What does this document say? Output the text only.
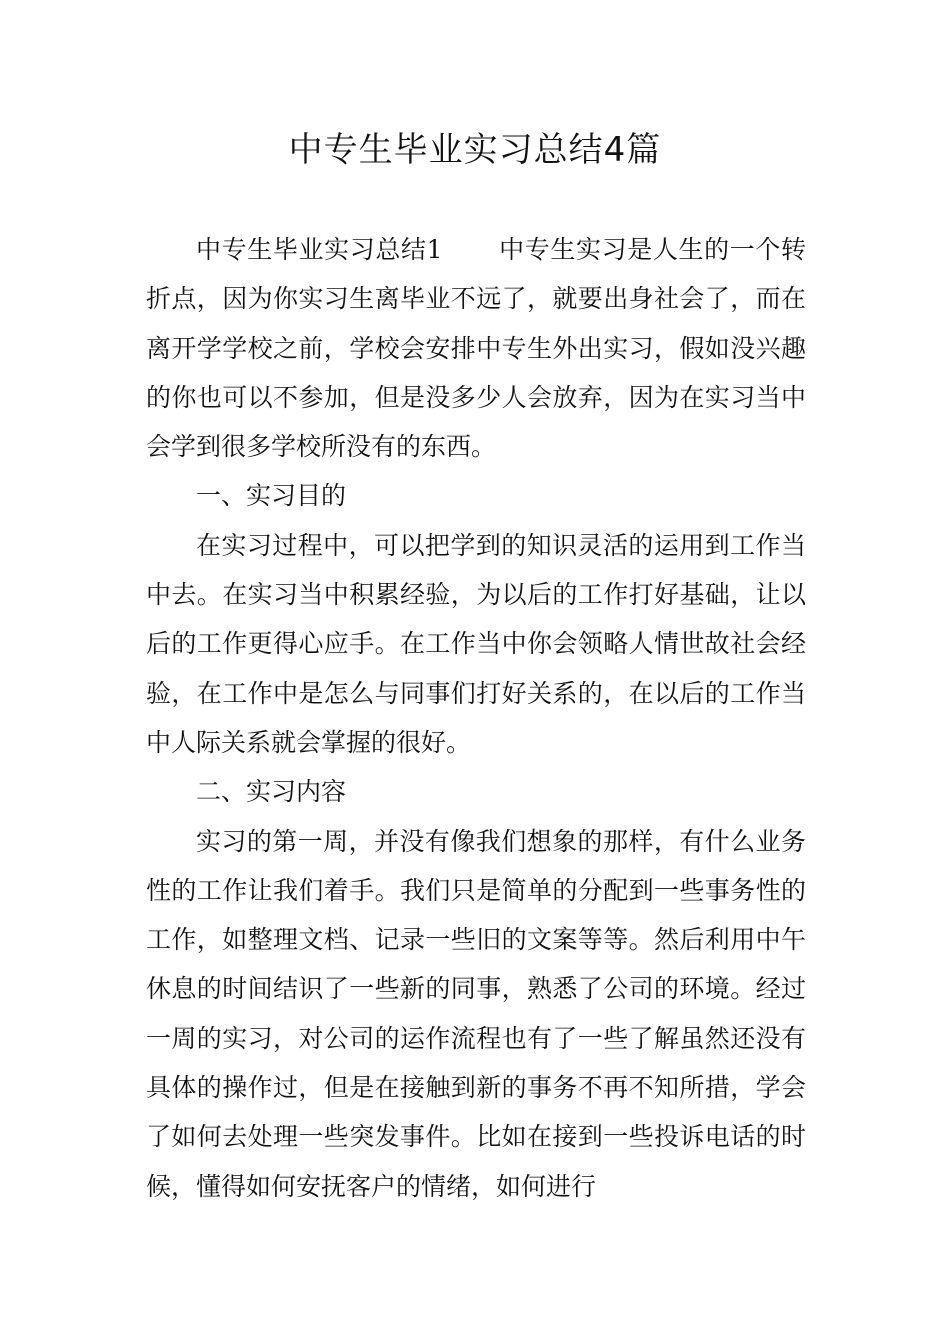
中专生毕业实习总结4篇

中专生毕业实习总结1 中专生实习是人生的一个转折点，因为你实习生离毕业不远了，就要出身社会了，而在离开学学校之前，学校会安排中专生外出实习，假如没兴趣的你也可以不参加，但是没多少人会放弃，因为在实习当中会学到很多学校所没有的东西。

一、实习目的

在实习过程中，可以把学到的知识灵活的运用到工作当中去。在实习当中积累经验，为以后的工作打好基础，让以后的工作更得心应手。在工作当中你会领略人情世故社会经验，在工作中是怎么与同事们打好关系的，在以后的工作当中人际关系就会掌握的很好。

二、实习内容

实习的第一周，并没有像我们想象的那样，有什么业务性的工作让我们着手。我们只是简单的分配到一些事务性的工作，如整理文档、记录一些旧的文案等等。然后利用中午休息的时间结识了一些新的同事，熟悉了公司的环境。经过一周的实习，对公司的运作流程也有了一些了解虽然还没有具体的操作过，但是在接触到新的事务不再不知所措，学会了如何去处理一些突发事件。比如在接到一些投诉电话的时候，懂得如何安抚客户的情绪，如何进行
